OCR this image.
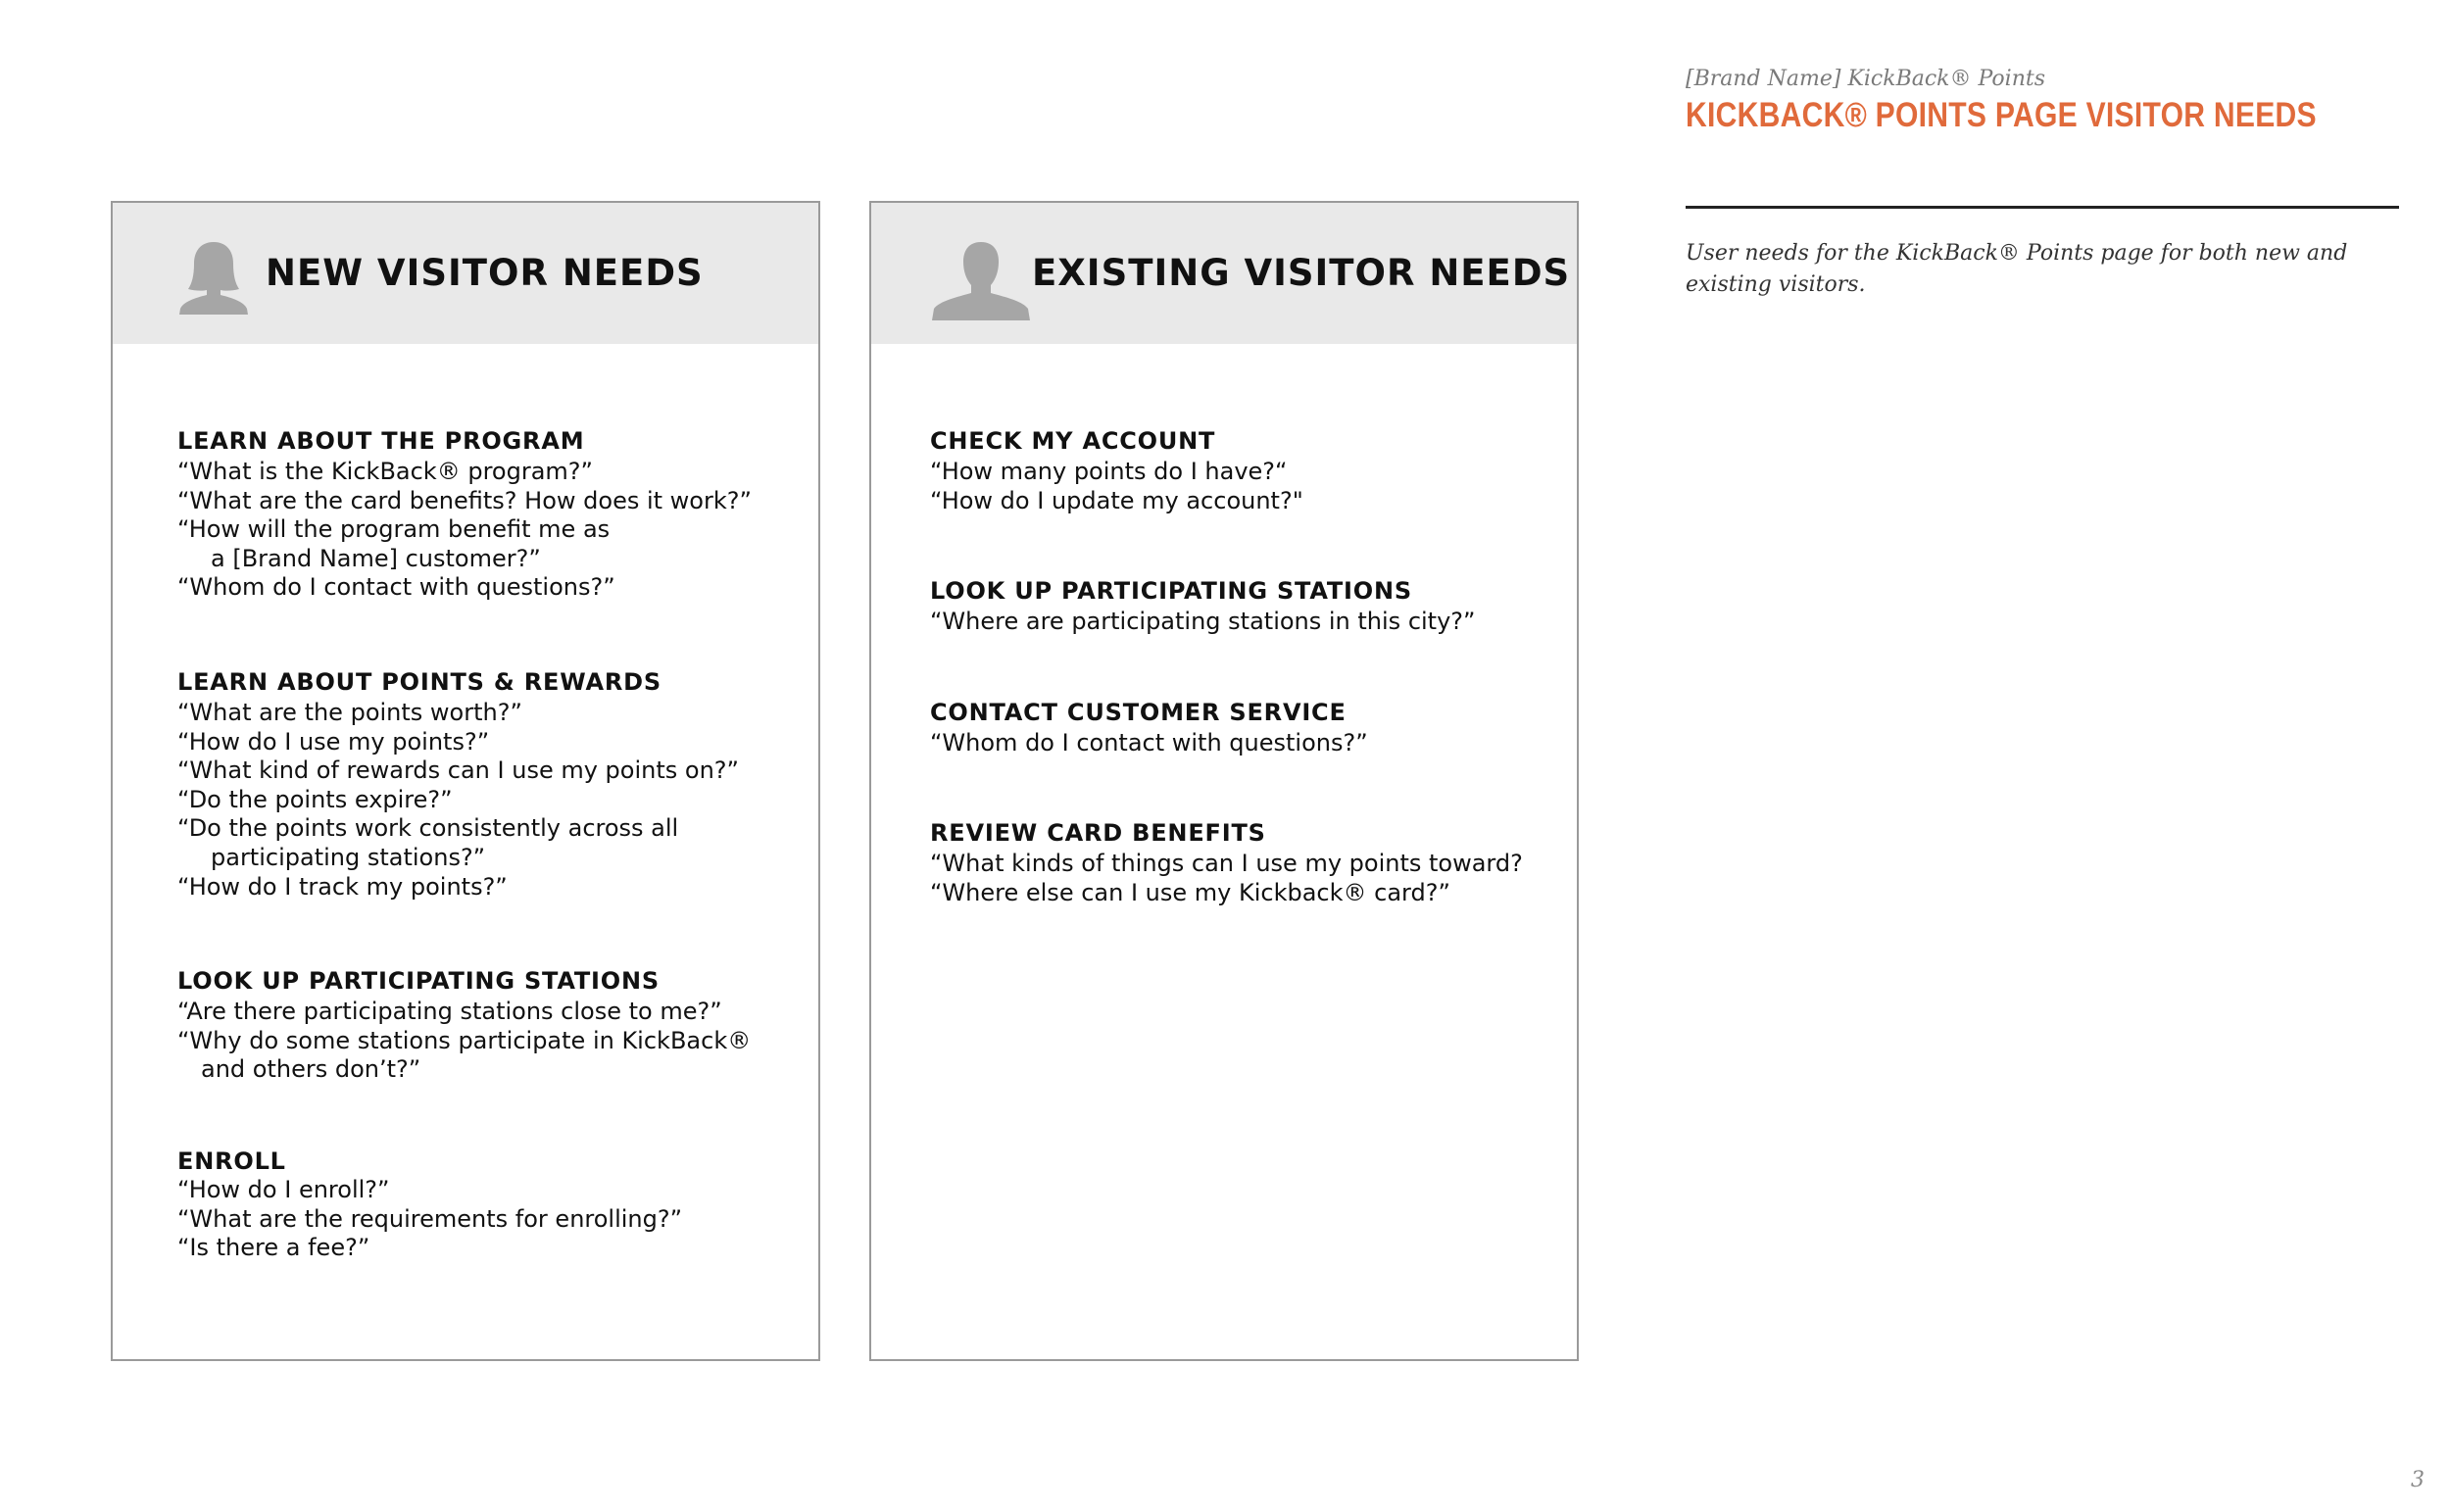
[Brand Name] KickBack® Points

KICKBACK® POINTS PAGE VISITOR NEEDS

User needs for the KickBack® Points page for both new and existing visitors.

NEW VISITOR NEEDS
LEARN ABOUT THE PROGRAM

“What is the KickBack® program?”

“What are the card benefits? How does it work?”

“How will the program benefit me as

a [Brand Name] customer?”

“Whom do I contact with questions?”

LEARN ABOUT POINTS & REWARDS

“What are the points worth?”

“How do I use my points?”

“What kind of rewards can I use my points on?”

“Do the points expire?”

“Do the points work consistently across all

participating stations?”

“How do I track my points?”

LOOK UP PARTICIPATING STATIONS

“Are there participating stations close to me?”

“Why do some stations participate in KickBack®

and others don’t?”

ENROLL

“How do I enroll?”

“What are the requirements for enrolling?”

“Is there a fee?”

EXISTING VISITOR NEEDS
CHECK MY ACCOUNT

“How many points do I have?“

“How do I update my account?"

LOOK UP PARTICIPATING STATIONS

“Where are participating stations in this city?”

CONTACT CUSTOMER SERVICE

“Whom do I contact with questions?”

REVIEW CARD BENEFITS

“What kinds of things can I use my points toward?

“Where else can I use my Kickback® card?”

3
